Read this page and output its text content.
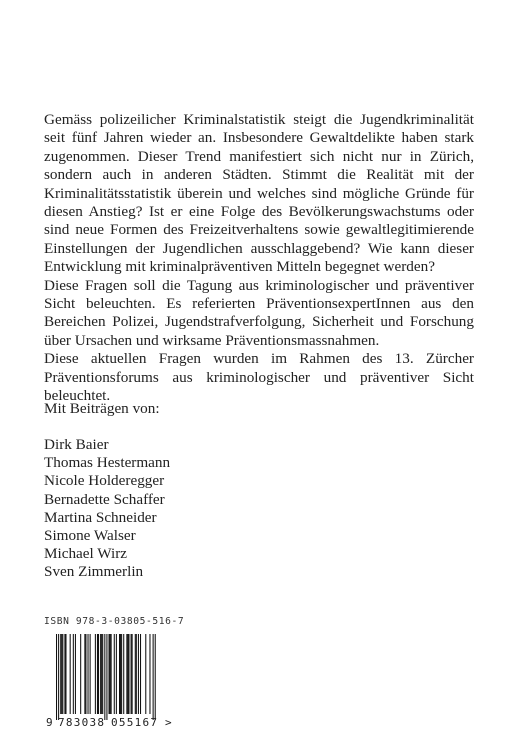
Gemäss polizeilicher Kriminalstatistik steigt die Jugendkriminalität seit fünf Jahren wieder an. Insbesondere Gewaltdelikte haben stark zugenommen. Dieser Trend manifestiert sich nicht nur in Zürich, sondern auch in anderen Städten. Stimmt die Realität mit der Kriminalitätsstatistik überein und welches sind mögliche Gründe für diesen Anstieg? Ist er eine Folge des Bevölkerungswachstums oder sind neue Formen des Freizeitverhaltens sowie gewaltlegitimierende Einstellungen der Jugendlichen ausschlaggebend? Wie kann dieser Entwicklung mit kriminalpräventiven Mitteln begegnet werden?

Diese Fragen soll die Tagung aus kriminologischer und präventiver Sicht beleuchten. Es referierten PräventionsexpertInnen aus den Bereichen Polizei, Jugendstrafverfolgung, Sicherheit und Forschung über Ursachen und wirksame Präventionsmassnahmen.

Diese aktuellen Fragen wurden im Rahmen des 13. Zürcher Präventionsforums aus kriminologischer und präventiver Sicht beleuchtet.

Mit Beiträgen von:
Dirk Baier
Thomas Hestermann
Nicole Holderegger
Bernadette Schaffer
Martina Schneider
Simone Walser
Michael Wirz
Sven Zimmerlin
ISBN 978-3-03805-516-7
9 783038 055167 >
